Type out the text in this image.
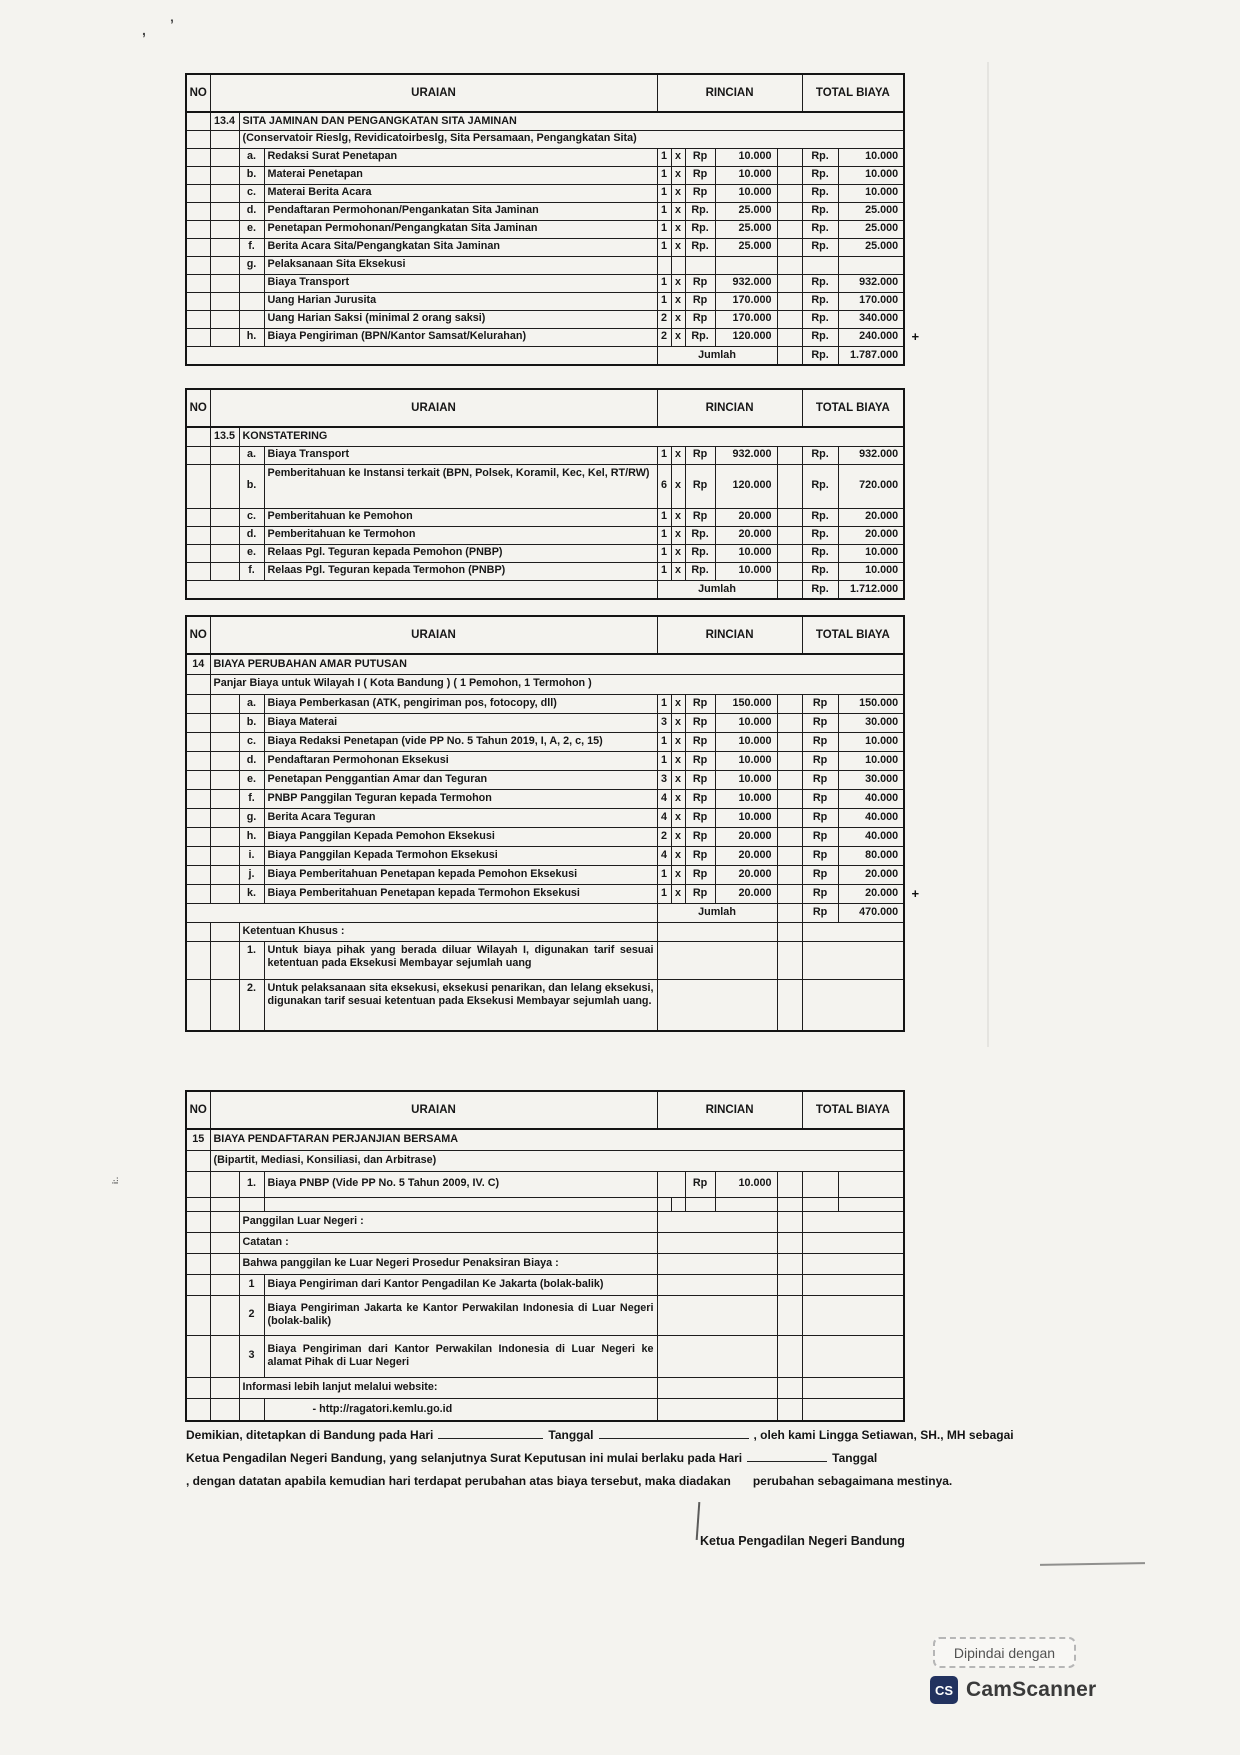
, ’
i:.
NO	URAIAN			RINCIAN					TOTAL BIAYA	
	13.4	SITA JAMINAN DAN PENGANGKATAN SITA JAMINAN								
		(Conservatoir Rieslg, Revidicatoirbeslg, Sita Persamaan, Pengangkatan Sita)								
		a.	Redaksi Surat Penetapan	1	x	Rp	10.000		Rp.	10.000
		b.	Materai Penetapan	1	x	Rp	10.000		Rp.	10.000
		c.	Materai Berita Acara	1	x	Rp	10.000		Rp.	10.000
		d.	Pendaftaran Permohonan/Pengankatan Sita Jaminan	1	x	Rp.	25.000		Rp.	25.000
		e.	Penetapan Permohonan/Pengangkatan Sita Jaminan	1	x	Rp.	25.000		Rp.	25.000
		f.	Berita Acara Sita/Pengangkatan Sita Jaminan	1	x	Rp.	25.000		Rp.	25.000
		g.	Pelaksanaan Sita Eksekusi							
			Biaya Transport	1	x	Rp	932.000		Rp.	932.000
			Uang Harian Jurusita	1	x	Rp	170.000		Rp.	170.000
			Uang Harian Saksi (minimal 2 orang saksi)	2	x	Rp	170.000		Rp.	340.000
		h.	Biaya Pengiriman (BPN/Kantor Samsat/Kelurahan)	2	x	Rp.	120.000		Rp.	240.000
				Jumlah					Rp.	1.787.000
+
NO	URAIAN			RINCIAN					TOTAL BIAYA	
	13.5	KONSTATERING								
		a.	Biaya Transport	1	x	Rp	932.000		Rp.	932.000
		b.	Pemberitahuan ke Instansi terkait (BPN, Polsek, Koramil, Kec, Kel, RT/RW)	6	x	Rp	120.000		Rp.	720.000
		c.	Pemberitahuan ke Pemohon	1	x	Rp	20.000		Rp.	20.000
		d.	Pemberitahuan ke Termohon	1	x	Rp.	20.000		Rp.	20.000
		e.	Relaas Pgl. Teguran kepada Pemohon (PNBP)	1	x	Rp.	10.000		Rp.	10.000
		f.	Relaas Pgl. Teguran kepada Termohon (PNBP)	1	x	Rp.	10.000		Rp.	10.000
				Jumlah					Rp.	1.712.000
NO	URAIAN			RINCIAN					TOTAL BIAYA	
14	BIAYA PERUBAHAN AMAR PUTUSAN									
	Panjar Biaya untuk Wilayah I ( Kota Bandung ) ( 1 Pemohon, 1 Termohon )									
		a.	Biaya Pemberkasan (ATK, pengiriman pos, fotocopy, dll)	1	x	Rp	150.000		Rp	150.000
		b.	Biaya Materai	3	x	Rp	10.000		Rp	30.000
		c.	Biaya Redaksi Penetapan (vide PP No. 5 Tahun 2019, I, A, 2, c, 15)	1	x	Rp	10.000		Rp	10.000
		d.	Pendaftaran Permohonan Eksekusi	1	x	Rp	10.000		Rp	10.000
		e.	Penetapan Penggantian Amar dan Teguran	3	x	Rp	10.000		Rp	30.000
		f.	PNBP Panggilan Teguran kepada Termohon	4	x	Rp	10.000		Rp	40.000
		g.	Berita Acara Teguran	4	x	Rp	10.000		Rp	40.000
		h.	Biaya Panggilan Kepada Pemohon Eksekusi	2	x	Rp	20.000		Rp	40.000
		i.	Biaya Panggilan Kepada Termohon Eksekusi	4	x	Rp	20.000		Rp	80.000
		j.	Biaya Pemberitahuan Penetapan kepada Pemohon Eksekusi	1	x	Rp	20.000		Rp	20.000
		k.	Biaya Pemberitahuan Penetapan kepada Termohon Eksekusi	1	x	Rp	20.000		Rp	20.000
				Jumlah					Rp	470.000
		Ketentuan Khusus :								
		1.	Untuk biaya pihak yang berada diluar Wilayah I, digunakan tarif sesuai ketentuan pada Eksekusi Membayar sejumlah uang							
		2.	Untuk pelaksanaan sita eksekusi, eksekusi penarikan, dan lelang eksekusi, digunakan tarif sesuai ketentuan pada Eksekusi Membayar sejumlah uang.							
+
NO	URAIAN			RINCIAN					TOTAL BIAYA	
15	BIAYA PENDAFTARAN PERJANJIAN BERSAMA									
	(Bipartit, Mediasi, Konsiliasi, dan Arbitrase)									
		1.	Biaya PNBP (Vide PP No. 5 Tahun 2009, IV. C)			Rp	10.000			

		Panggilan Luar Negeri :								
		Catatan :								
		Bahwa panggilan ke Luar Negeri Prosedur Penaksiran Biaya :								
		1	Biaya Pengiriman dari Kantor Pengadilan Ke Jakarta (bolak-balik)							
		2	Biaya Pengiriman Jakarta ke Kantor Perwakilan Indonesia di Luar Negeri (bolak-balik)							
		3	Biaya Pengiriman dari Kantor Perwakilan Indonesia di Luar Negeri ke alamat Pihak di Luar Negeri							
		Informasi lebih lanjut melalui website:								
			- http://ragatori.kemlu.go.id							
Demikian, ditetapkan di Bandung pada Hari	Tanggal	, oleh kami Lingga Setiawan, SH., MH sebagai
Ketua Pengadilan Negeri Bandung, yang selanjutnya Surat Keputusan ini mulai berlaku pada Hari	Tanggal
, dengan datatan apabila kemudian hari terdapat perubahan atas biaya tersebut, maka diadakan perubahan sebagaimana mestinya.
Ketua Pengadilan Negeri Bandung
Dipindai dengan
CS CamScanner
